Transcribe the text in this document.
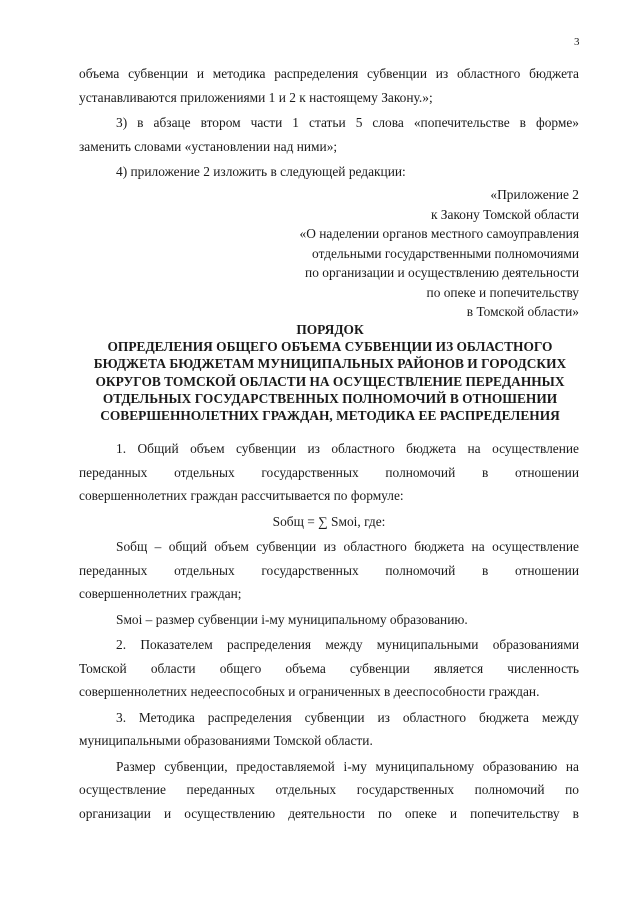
3

объема субвенции и методика распределения субвенции из областного бюджета

устанавливаются приложениями 1 и 2 к настоящему Закону.»;

3) в абзаце втором части 1 статьи 5 слова «попечительстве в форме»

заменить словами «установлении над ними»;

4) приложение 2 изложить в следующей редакции:

«Приложение 2
к Закону Томской области
«О наделении органов местного самоуправления
отдельными государственными полномочиями
по организации и осуществлению деятельности
по опеке и попечительству
в Томской области»
ПОРЯДОК
ОПРЕДЕЛЕНИЯ ОБЩЕГО ОБЪЕМА СУБВЕНЦИИ ИЗ ОБЛАСТНОГО
БЮДЖЕТА БЮДЖЕТАМ МУНИЦИПАЛЬНЫХ РАЙОНОВ И ГОРОДСКИХ
ОКРУГОВ ТОМСКОЙ ОБЛАСТИ НА ОСУЩЕСТВЛЕНИЕ ПЕРЕДАННЫХ
ОТДЕЛЬНЫХ ГОСУДАРСТВЕННЫХ ПОЛНОМОЧИЙ В ОТНОШЕНИИ
СОВЕРШЕННОЛЕТНИХ ГРАЖДАН, МЕТОДИКА ЕЕ РАСПРЕДЕЛЕНИЯ

1. Общий объем субвенции из областного бюджета на осуществление

переданных отдельных государственных полномочий в отношении

совершеннолетних граждан рассчитывается по формуле:

Sобщ = ∑ Sмоi, где:

Sобщ – общий объем субвенции из областного бюджета на осуществление

переданных отдельных государственных полномочий в отношении

совершеннолетних граждан;

Sмоi – размер субвенции i-му муниципальному образованию.

2. Показателем распределения между муниципальными образованиями

Томской области общего объема субвенции является численность

совершеннолетних недееспособных и ограниченных в дееспособности граждан.

3. Методика распределения субвенции из областного бюджета между

муниципальными образованиями Томской области.

Размер субвенции, предоставляемой i-му муниципальному образованию на

осуществление переданных отдельных государственных полномочий по

организации и осуществлению деятельности по опеке и попечительству в
